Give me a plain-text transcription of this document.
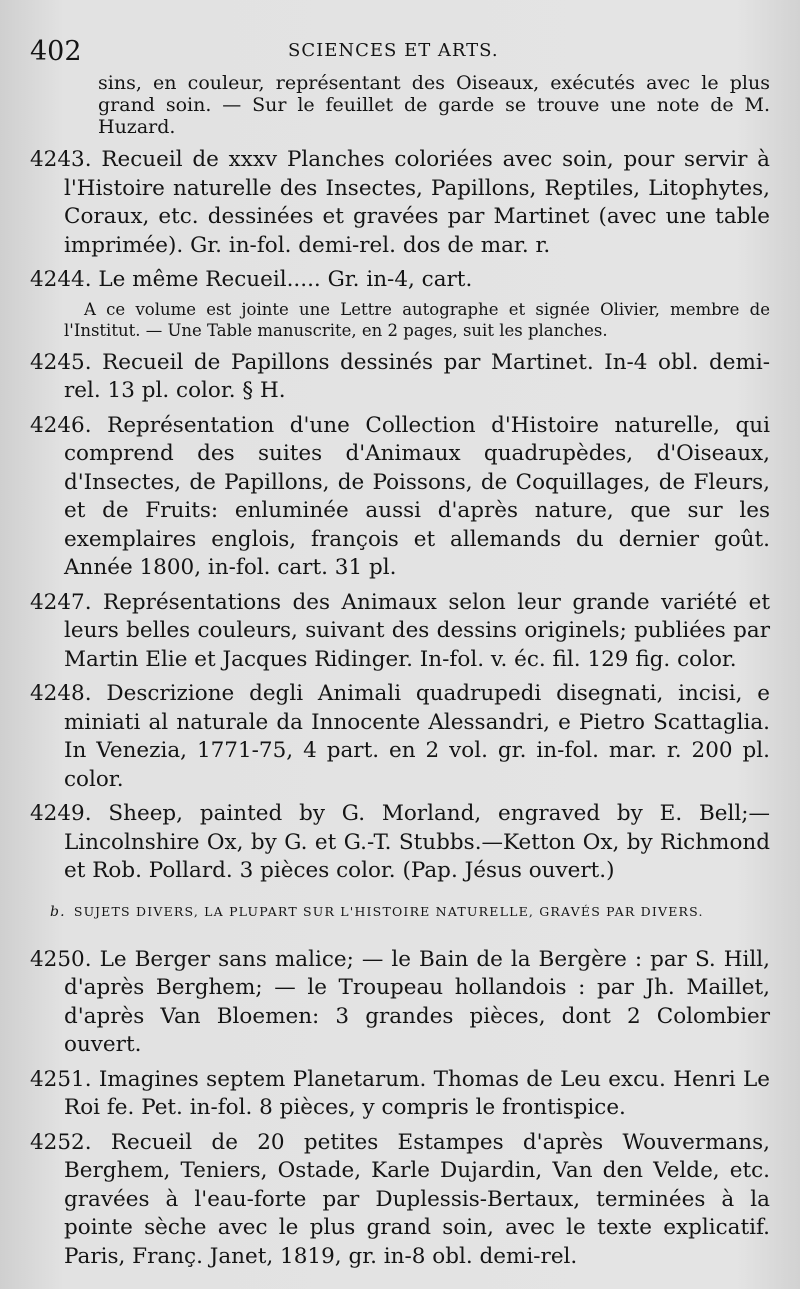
402	SCIENCES ET ARTS.

sins, en couleur, représentant des Oiseaux, exécutés avec le plus grand soin. — Sur le feuillet de garde se trouve une note de M. Huzard.

4243. Recueil de xxxv Planches coloriées avec soin, pour servir à l'Histoire naturelle des Insectes, Papillons, Reptiles, Litophytes, Coraux, etc. dessinées et gravées par Martinet (avec une table imprimée). Gr. in-fol. demi-rel. dos de mar. r.

4244. Le même Recueil..... Gr. in-4, cart.

A ce volume est jointe une Lettre autographe et signée Olivier, membre de l'Institut. — Une Table manuscrite, en 2 pages, suit les planches.

4245. Recueil de Papillons dessinés par Martinet. In-4 obl. demi-rel. 13 pl. color. § H.

4246. Représentation d'une Collection d'Histoire naturelle, qui comprend des suites d'Animaux quadrupèdes, d'Oiseaux, d'Insectes, de Papillons, de Poissons, de Coquillages, de Fleurs, et de Fruits: enluminée aussi d'après nature, que sur les exemplaires englois, françois et allemands du dernier goût. Année 1800, in-fol. cart. 31 pl.

4247. Représentations des Animaux selon leur grande variété et leurs belles couleurs, suivant des dessins originels; publiées par Martin Elie et Jacques Ridinger. In-fol. v. éc. fil. 129 fig. color.

4248. Descrizione degli Animali quadrupedi disegnati, incisi, e miniati al naturale da Innocente Alessandri, e Pietro Scattaglia. In Venezia, 1771-75, 4 part. en 2 vol. gr. in-fol. mar. r. 200 pl. color.

4249. Sheep, painted by G. Morland, engraved by E. Bell;—Lincolnshire Ox, by G. et G.-T. Stubbs.—Ketton Ox, by Richmond et Rob. Pollard. 3 pièces color. (Pap. Jésus ouvert.)

b. SUJETS DIVERS, LA PLUPART SUR L'HISTOIRE NATURELLE, GRAVÉS PAR DIVERS.

4250. Le Berger sans malice; — le Bain de la Bergère : par S. Hill, d'après Berghem; — le Troupeau hollandois : par Jh. Maillet, d'après Van Bloemen: 3 grandes pièces, dont 2 Colombier ouvert.

4251. Imagines septem Planetarum. Thomas de Leu excu. Henri Le Roi fe. Pet. in-fol. 8 pièces, y compris le frontispice.

4252. Recueil de 20 petites Estampes d'après Wouvermans, Berghem, Teniers, Ostade, Karle Dujardin, Van den Velde, etc. gravées à l'eau-forte par Duplessis-Bertaux, terminées à la pointe sèche avec le plus grand soin, avec le texte explicatif. Paris, Franç. Janet, 1819, gr. in-8 obl. demi-rel.
